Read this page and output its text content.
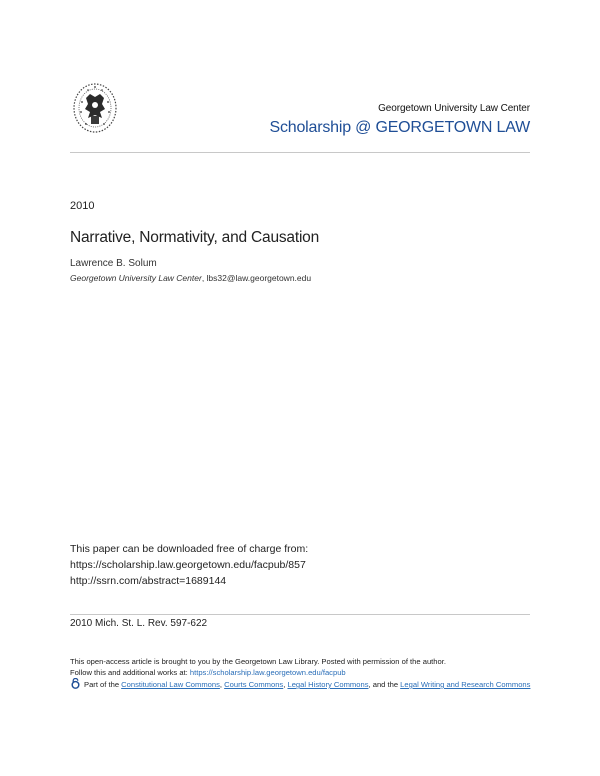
Georgetown University Law Center
Scholarship @ GEORGETOWN LAW
2010
Narrative, Normativity, and Causation
Lawrence B. Solum
Georgetown University Law Center, lbs32@law.georgetown.edu
This paper can be downloaded free of charge from:
https://scholarship.law.georgetown.edu/facpub/857
http://ssrn.com/abstract=1689144
2010 Mich. St. L. Rev. 597-622
This open-access article is brought to you by the Georgetown Law Library. Posted with permission of the author.
Follow this and additional works at: https://scholarship.law.georgetown.edu/facpub
Part of the Constitutional Law Commons, Courts Commons, Legal History Commons, and the Legal Writing and Research Commons
